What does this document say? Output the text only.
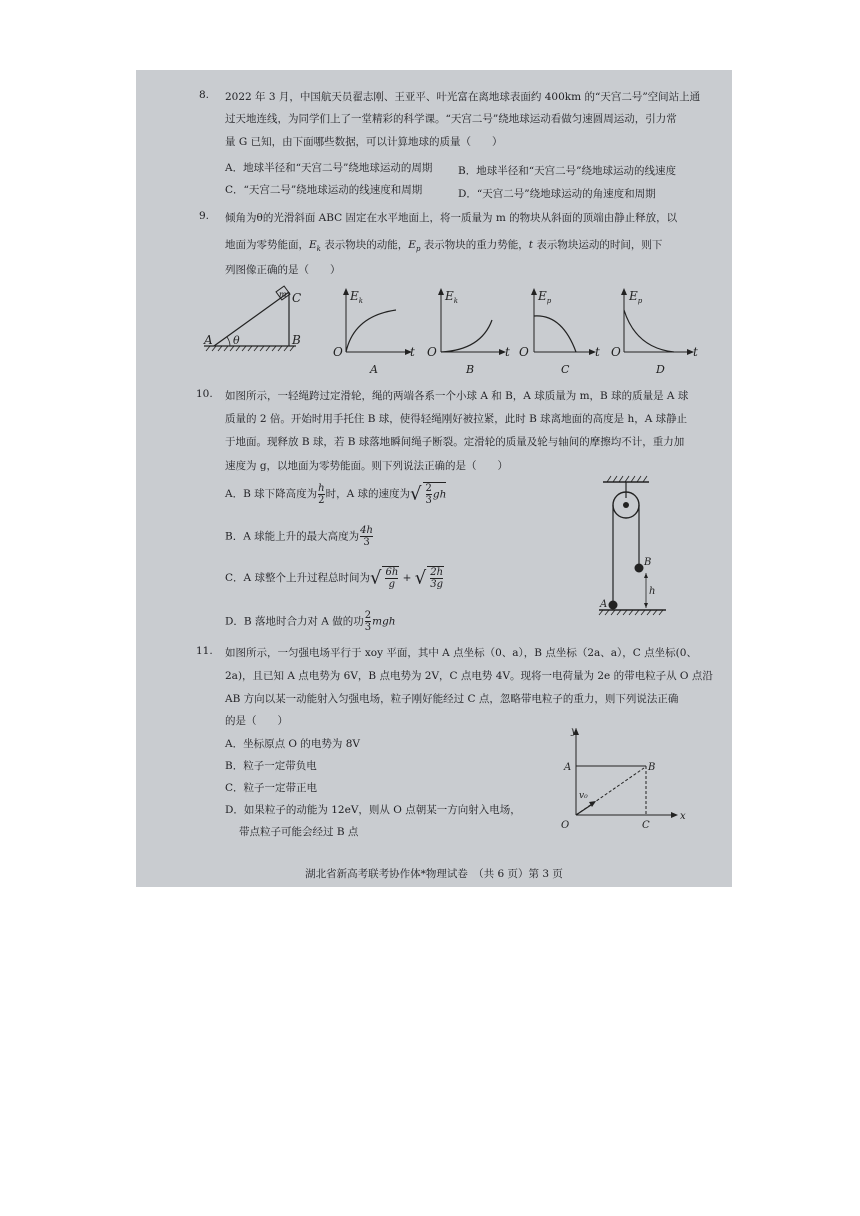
8. 2022 年 3 月，中国航天员翟志刚、王亚平、叶光富在离地球表面约 400km 的“天宫二号”空间站上通
过天地连线，为同学们上了一堂精彩的科学课。“天宫二号”绕地球运动看做匀速圆周运动，引力常
量 G 已知，由下面哪些数据，可以计算地球的质量（　　）
A．地球半径和“天宫二号”绕地球运动的周期 B．地球半径和“天宫二号”绕地球运动的线速度
C．“天宫二号”绕地球运动的线速度和周期	D．“天宫二号”绕地球运动的角速度和周期
9. 倾角为θ的光滑斜面 ABC 固定在水平地面上，将一质量为 m 的物块从斜面的顶端由静止释放，以
地面为零势能面，$E_k$ 表示物块的动能，$E_p$ 表示物块的重力势能，t 表示物块运动的时间，则下
列图像正确的是（　　）
A	B
C
m
θ
$E_k$
O	t
A
$E_k$
O	t
B
$E_p$
O	t
C
$E_p$
O	t
D
10. 如图所示，一轻绳跨过定滑轮，绳的两端各系一个小球 A 和 B，A 球质量为 m，B 球的质量是 A 球
质量的 2 倍。开始时用手托住 B 球，使得轻绳刚好被拉紧，此时 B 球离地面的高度是 h，A 球静止
于地面。现释放 B 球，若 B 球落地瞬间绳子断裂。定滑轮的质量及轮与轴间的摩擦均不计，重力加
速度为 g，以地面为零势能面。则下列说法正确的是（　　）
A．B 球下降高度为 $\frac{h}{2}$ 时，A 球的速度为√ $\frac{2}{3}$ gh
B．A 球能上升的最大高度为 $\frac{4h}{3}$
C．A 球整个上升过程总时间为√ 6h
g
+ √ 2h
3g
D．B 落地时合力对 A 做的功 $\frac{2}{3}$ mgh
B
A
h
11. 如图所示，一匀强电场平行于 xoy 平面，其中 A 点坐标（0、a），B 点坐标（2a、a），C 点坐标(0、
2a)，且已知 A 点电势为 6V，B 点电势为 2V，C 点电势 4V。现将一电荷量为 2e 的带电粒子从 O 点沿
AB 方向以某一动能射入匀强电场，粒子刚好能经过 C 点，忽略带电粒子的重力，则下列说法正确
的是（　　）
A．坐标原点 O 的电势为 8V
B．粒子一定带负电
C．粒子一定带正电
D．如果粒子的动能为 12eV，则从 O 点朝某一方向射入电场，
带点粒子可能会经过 B 点
y
x
A	B
O	C
v₀
湖北省新高考联考协作体*物理试卷　（共 6 页）第 3 页
